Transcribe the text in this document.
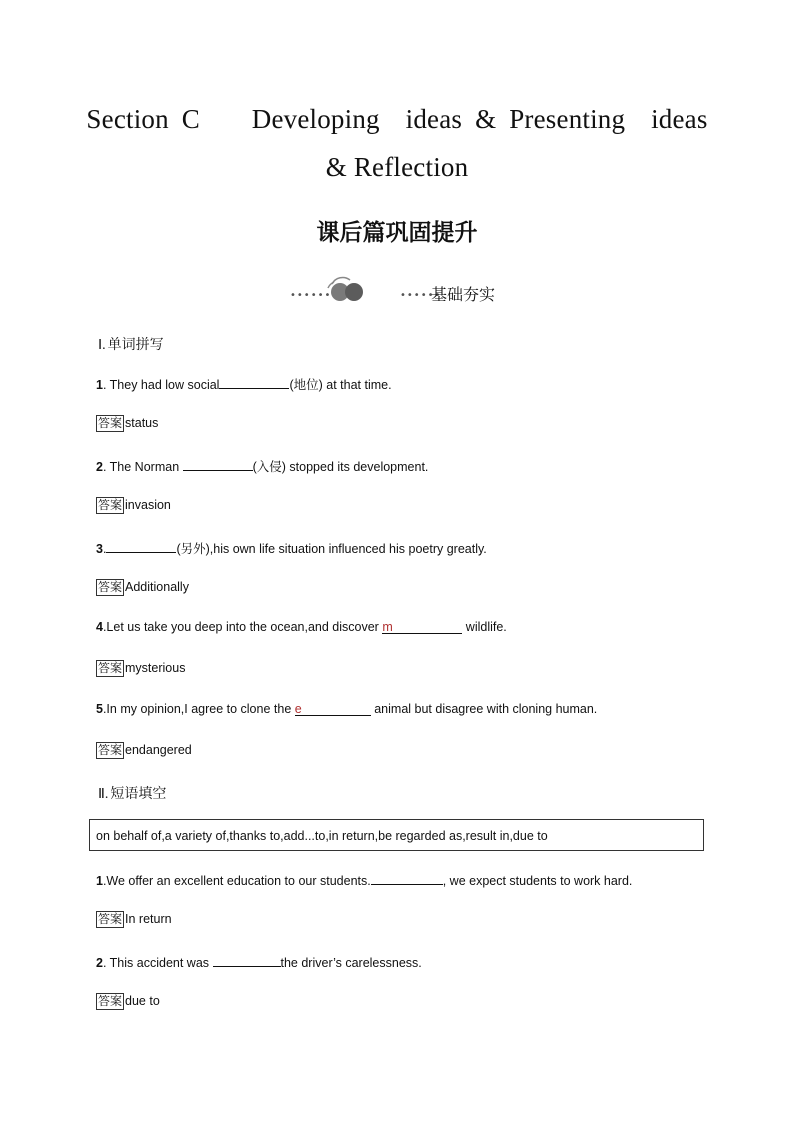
Section C    Developing  ideas & Presenting  ideas
& Reflection
课后篇巩固提升
••••••	••••••
基础夯实
Ⅰ. 单词拼写
1. They had low social	(地位) at that time.
答案 status
2. The Norman	(入侵) stopped its development.
答案 invasion
3.	(另外),his own life situation influenced his poetry greatly.
答案 Additionally
4.Let us take you deep into the ocean,and discover m	wildlife.
答案 mysterious
5.In my opinion,I agree to clone the e	animal but disagree with cloning human.
答案 endangered
Ⅱ. 短语填空
on behalf of,a variety of,thanks to,add...to,in return,be regarded as,result in,due to
1.We offer an excellent education to our students.	, we expect students to work hard.
答案 In return
2. This accident was	the driver’s carelessness.
答案 due to
